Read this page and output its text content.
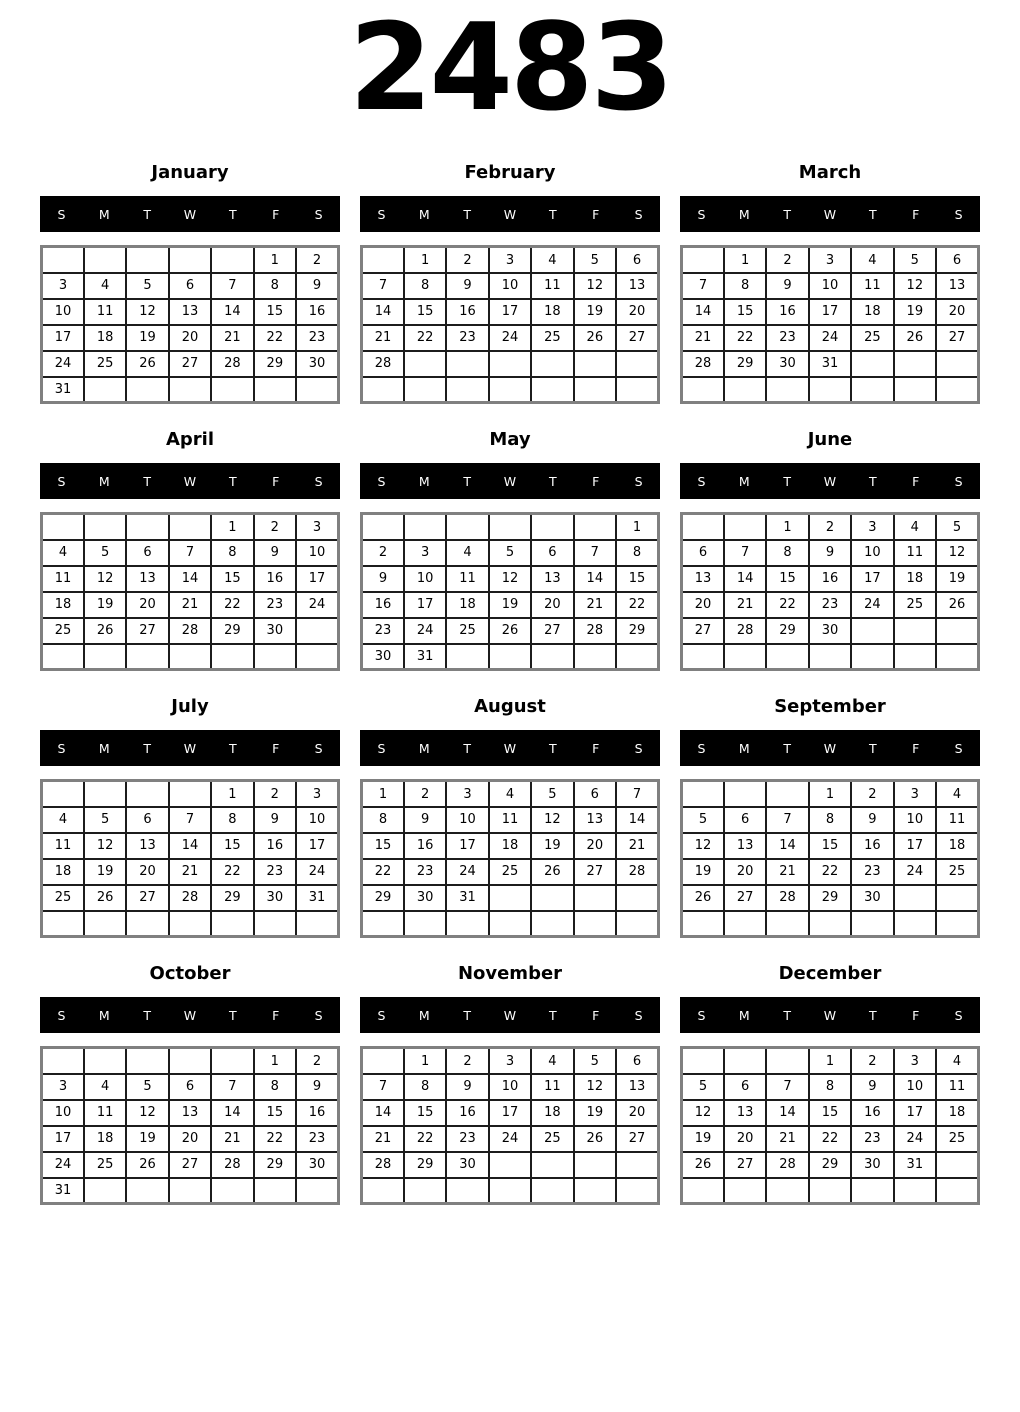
2483
January
S	M	T	W	T	F	S
					1	2
3	4	5	6	7	8	9
10	11	12	13	14	15	16
17	18	19	20	21	22	23
24	25	26	27	28	29	30
31						
February
S	M	T	W	T	F	S
	1	2	3	4	5	6
7	8	9	10	11	12	13
14	15	16	17	18	19	20
21	22	23	24	25	26	27
28						

March
S	M	T	W	T	F	S
	1	2	3	4	5	6
7	8	9	10	11	12	13
14	15	16	17	18	19	20
21	22	23	24	25	26	27
28	29	30	31			

April
S	M	T	W	T	F	S
				1	2	3
4	5	6	7	8	9	10
11	12	13	14	15	16	17
18	19	20	21	22	23	24
25	26	27	28	29	30	

May
S	M	T	W	T	F	S
						1
2	3	4	5	6	7	8
9	10	11	12	13	14	15
16	17	18	19	20	21	22
23	24	25	26	27	28	29
30	31					
June
S	M	T	W	T	F	S
		1	2	3	4	5
6	7	8	9	10	11	12
13	14	15	16	17	18	19
20	21	22	23	24	25	26
27	28	29	30			

July
S	M	T	W	T	F	S
				1	2	3
4	5	6	7	8	9	10
11	12	13	14	15	16	17
18	19	20	21	22	23	24
25	26	27	28	29	30	31

August
S	M	T	W	T	F	S
1	2	3	4	5	6	7
8	9	10	11	12	13	14
15	16	17	18	19	20	21
22	23	24	25	26	27	28
29	30	31				

September
S	M	T	W	T	F	S
			1	2	3	4
5	6	7	8	9	10	11
12	13	14	15	16	17	18
19	20	21	22	23	24	25
26	27	28	29	30		

October
S	M	T	W	T	F	S
					1	2
3	4	5	6	7	8	9
10	11	12	13	14	15	16
17	18	19	20	21	22	23
24	25	26	27	28	29	30
31						
November
S	M	T	W	T	F	S
	1	2	3	4	5	6
7	8	9	10	11	12	13
14	15	16	17	18	19	20
21	22	23	24	25	26	27
28	29	30				

December
S	M	T	W	T	F	S
			1	2	3	4
5	6	7	8	9	10	11
12	13	14	15	16	17	18
19	20	21	22	23	24	25
26	27	28	29	30	31	
